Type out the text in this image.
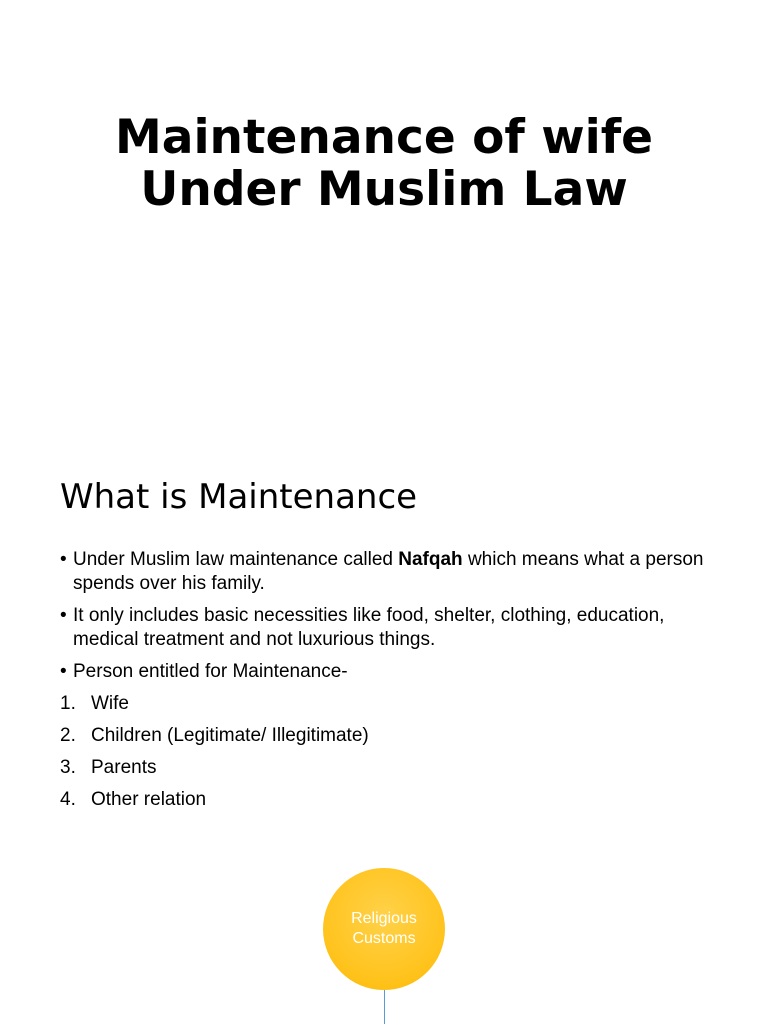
Maintenance of wife
Under Muslim Law
What is Maintenance
• Under Muslim law maintenance called Nafqah which means what a person spends over his family.
• It only includes basic necessities like food, shelter, clothing, education, medical treatment and not luxurious things.
• Person entitled for Maintenance-
1. Wife
2. Children (Legitimate/ Illegitimate)
3. Parents
4. Other relation
Religious Customs
